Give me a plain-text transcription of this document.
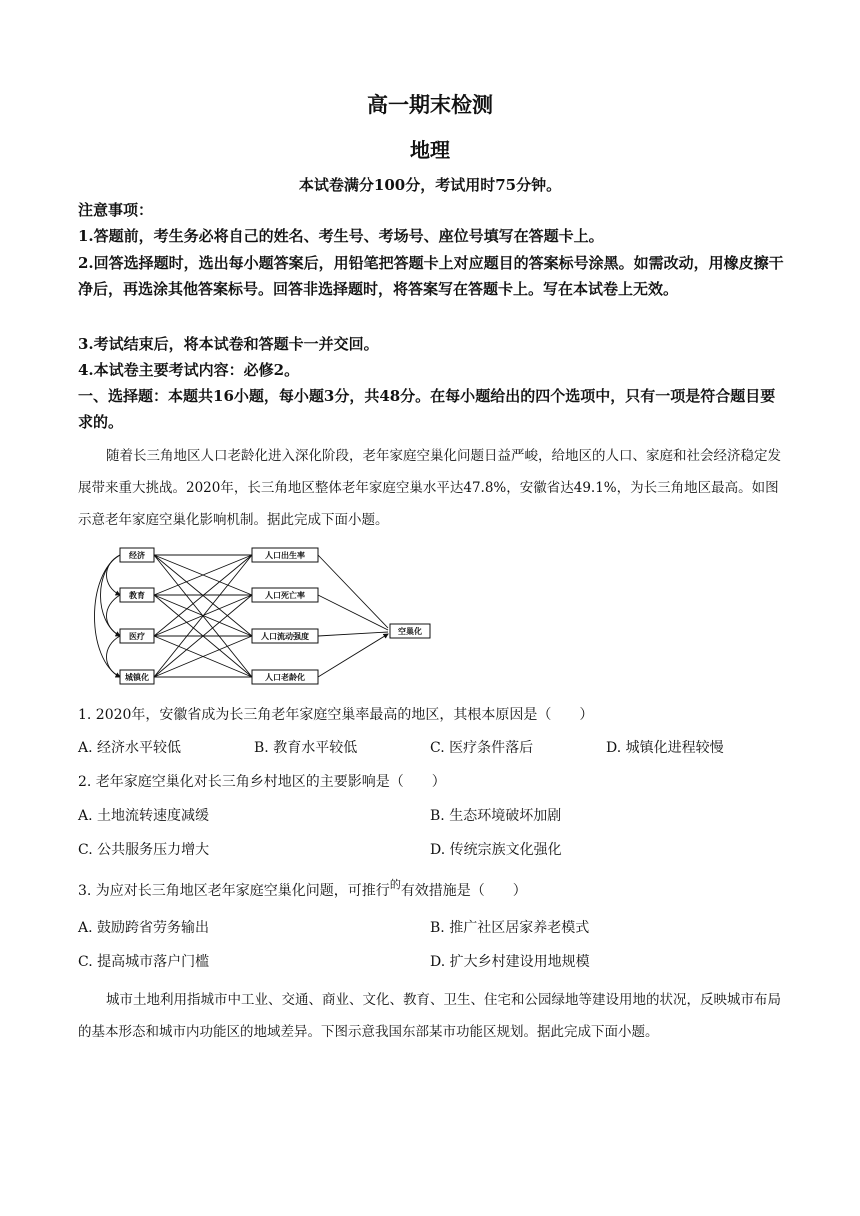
高一期末检测
地理
本试卷满分100分，考试用时75分钟。
注意事项：
1.答题前，考生务必将自己的姓名、考生号、考场号、座位号填写在答题卡上。
2.回答选择题时，选出每小题答案后，用铅笔把答题卡上对应题目的答案标号涂黑。如需改动，用橡皮擦干净后，再选涂其他答案标号。回答非选择题时，将答案写在答题卡上。写在本试卷上无效。
3.考试结束后，将本试卷和答题卡一并交回。
4.本试卷主要考试内容：必修2。
一、选择题：本题共16小题，每小题3分，共48分。在每小题给出的四个选项中，只有一项是符合题目要求的。
随着长三角地区人口老龄化进入深化阶段，老年家庭空巢化问题日益严峻，给地区的人口、家庭和社会经济稳定发展带来重大挑战。2020年，长三角地区整体老年家庭空巢水平达47.8%，安徽省达49.1%，为长三角地区最高。如图示意老年家庭空巢化影响机制。据此完成下面小题。
经济
教育
医疗
城镇化
人口出生率
人口死亡率
人口流动强度
人口老龄化
空巢化
1. 2020年，安徽省成为长三角老年家庭空巢率最高的地区，其根本原因是（　　）
A. 经济水平较低	B. 教育水平较低	C. 医疗条件落后	D. 城镇化进程较慢
2. 老年家庭空巢化对长三角乡村地区的主要影响是（　　）
A. 土地流转速度减缓	B. 生态环境破坏加剧
C. 公共服务压力增大	D. 传统宗族文化强化
3. 为应对长三角地区老年家庭空巢化问题，可推行$^的$有效措施是（　　）
A. 鼓励跨省劳务输出	B. 推广社区居家养老模式
C. 提高城市落户门槛	D. 扩大乡村建设用地规模
城市土地利用指城市中工业、交通、商业、文化、教育、卫生、住宅和公园绿地等建设用地的状况，反映城市布局的基本形态和城市内功能区的地域差异。下图示意我国东部某市功能区规划。据此完成下面小题。
